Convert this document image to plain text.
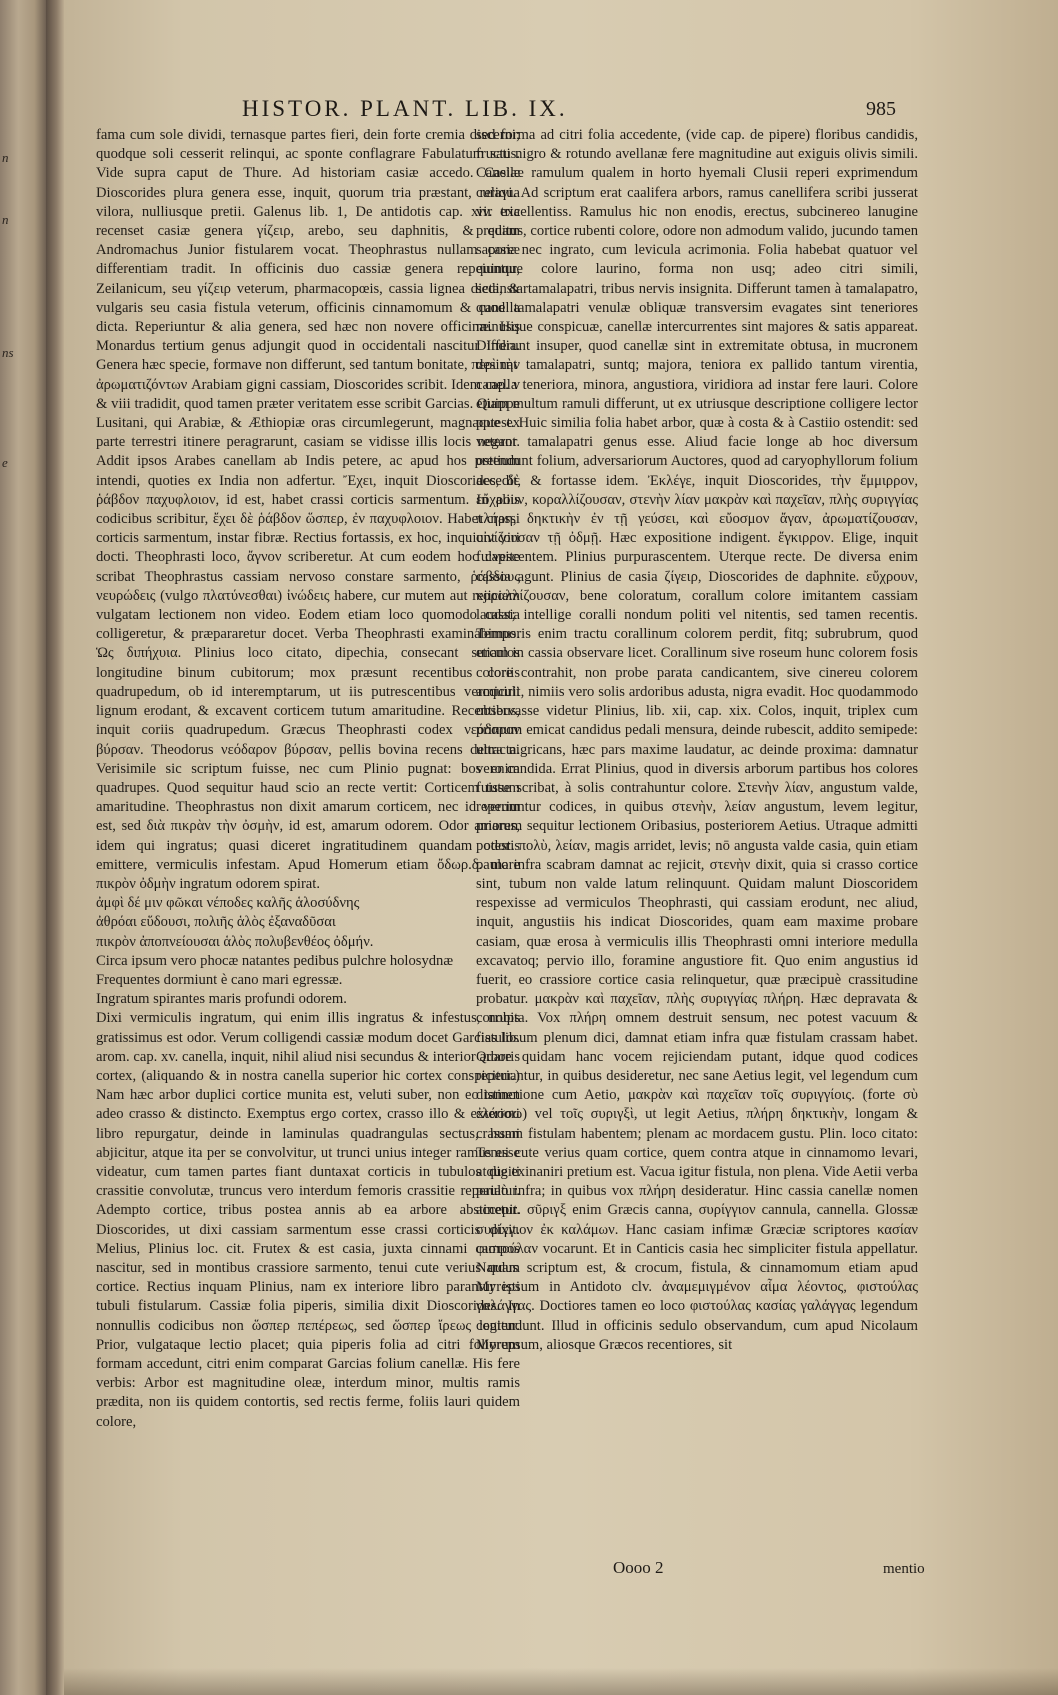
n
n
ns
e
HISTOR. PLANT. LIB. IX.	985

fama cum sole dividi, ternasque partes fieri, dein forte cremia discerni; quodque soli cesserit relinqui, ac sponte conflagrare Fabulatum satis. Vide supra caput de Thure. Ad historiam casiæ accedo. Casiæ Dioscorides plura genera esse, inquit, quorum tria præstant, reliqua vilora, nulliusque pretii. Galenus lib. 1, De antidotis cap. xiv. tria recenset casiæ genera γίζειρ, arebo, seu daphnitis, & quam Andromachus Junior fistularem vocat. Theophrastus nullam casiæ differentiam tradit. In officinis duo cassiæ genera repeiuntur, Zeilanicum, seu γίζειρ veterum, pharmacopœis, cassia lignea dicta, & vulgaris seu casia fistula veterum, officinis cinnamomum & canella dicta. Reperiuntur & alia genera, sed hæc non novere officinæ. His Monardus tertium genus adjungit quod in occidentali nascitur India. Genera hæc specie, formave non differunt, sed tantum bonitate, περὶ τὴν ἀρωματιζόντων Arabiam gigni cassiam, Dioscorides scribit. Idem cap. v & viii tradidit, quod tamen præter veritatem esse scribit Garcias. Quippe Lusitani, qui Arabiæ, & Æthiopiæ oras circumlegerunt, magnaque ex parte terrestri itinere peragrarunt, casiam se vidisse illis locis negant. Addit ipsos Arabes canellam ab Indis petere, ac apud hos pretium intendi, quoties ex India non adfertur. Ἔχει, inquit Dioscorides, δὲ ῥάβδον παχυφλοιον, id est, habet crassi corticis sarmentum. In aliis codicibus scribitur, ἔχει δὲ ῥάβδον ὥσπερ, ἐν παχυφλοιον. Habet crassi corticis sarmentum, instar fibræ. Rectius fortassis, ex hoc, inquiunt viri docti. Theophrasti loco, ἄγνον scriberetur. At cum eodem hoc capite scribat Theophrastus cassiam nervoso constare sarmento, ῥάβδους νευρώδεις (vulgo πλατύνεσθαι) ἰνώδεις habere, cur mutem aut rejiciam vulgatam lectionem non video. Eodem etiam loco quomodo cassia colligeretur, & præpararetur docet. Verba Theophrasti examinabimus. Ὡς διπήχυια. Plinius loco citato, dipechia, consecant surculos longitudine binum cubitorum; mox præsunt recentibus coriis quadrupedum, ob id interemptarum, ut iis putrescentibus vermiculi lignum erodant, & excavent corticem tutum amaritudine. Recentibus, inquit coriis quadrupedum. Græcus Theophrasti codex νεόδαρον βύρσαν. Theodorus νεόδαρον βύρσαν, pellis bovina recens detracta. Verisimile sic scriptum fuisse, nec cum Plinio pugnat: bos enim quadrupes. Quod sequitur haud scio an recte vertit: Corticem tutum amaritudine. Theophrastus non dixit amarum corticem, nec id verum est, sed διὰ πικρὰν τὴν ὀσμὴν, id est, amarum odorem. Odor amarus, idem qui ingratus; quasi diceret ingratitudinem quandam odoris emittere, vermiculis infestam. Apud Homerum etiam ὄδωρ.δ. mare πικρὸν ὀδμὴν ingratum odorem spirat.
ἀμφὶ δέ μιν φῶκαι νέποδες καλῆς ἁλοσύδνης
ἀθρόαι εὕδουσι, πολιῆς ἁλὸς ἐξαναδῦσαι
πικρὸν ἀποπνείουσαι ἁλὸς πολυβενθέος ὀδμήν.
Circa ipsum vero phocæ natantes pedibus pulchre holosydnæ
Frequentes dormiunt è cano mari egressæ.
Ingratum spirantes maris profundi odorem.
Dixi vermiculis ingratum, qui enim illis ingratus & infestus, nobis gratissimus est odor. Verum colligendi cassiæ modum docet Garcias lib. arom. cap. xv. canella, inquit, nihil aliud nisi secundus & interior arboris cortex, (aliquando & in nostra canella superior hic cortex conspicitur.) Nam hæc arbor duplici cortice munita est, veluti suber, non eo tamen adeo crasso & distincto. Exemptus ergo cortex, crasso illo & exteriori libro repurgatur, deinde in laminulas quadrangulas sectus, humi abjicitur, atque ita per se convolvitur, ut trunci unius integer ramus esse videatur, cum tamen partes fiant duntaxat corticis in tubulos digiti crassitie convolutæ, truncus vero interdum femoris crassitie reperiatur. Adempto cortice, tribus postea annis ab ea arbore abstinetur. Dioscorides, ut dixi cassiam sarmentum esse crassi corticis dixit. Melius, Plinius loc. cit. Frutex & est casia, juxta cinnami campos nascitur, sed in montibus crassiore sarmento, tenui cute verius quam cortice. Rectius inquam Plinius, nam ex interiore libro parantur isti tubuli fistularum. Cassiæ folia piperis, similia dixit Dioscorides. In nonnullis codicibus non ὥσπερ πεπέρεως, sed ὥσπερ ἴρεως legitur. Prior, vulgataque lectio placet; quia piperis folia ad citri foliorum formam accedunt, citri enim comparat Garcias folium canellæ. His fere verbis: Arbor est magnitudine oleæ, interdum minor, multis ramis prædita, non iis quidem contortis, sed rectis ferme, foliis lauri quidem colore,

sed forma ad citri folia accedente, (vide cap. de pipere) floribus candidis, fructu nigro & rotundo avellanæ fere magnitudine aut exiguis olivis simili. Canellæ ramulum qualem in horto hyemali Clusii reperi exprimendum curavi. Ad scriptum erat caalifera arbors, ramus canellifera scribi jusserat vir excellentiss. Ramulus hic non enodis, erectus, subcinereo lanugine preditus, cortice rubenti colore, odore non admodum valido, jucundo tamen sapore nec ingrato, cum levicula acrimonia. Folia habebat quatuor vel quinque colore laurino, forma non usq; adeo citri simili, sedinstartamalapatri, tribus nervis insignita. Differunt tamen à tamalapatro, quod tamalapatri venulæ obliquæ transversim evagates sint teneriores minusque conspicuæ, canellæ intercurrentes sint majores & satis appareat. Differunt insuper, quod canellæ sint in extremitate obtusa, in mucronem desinat tamalapatri, suntq; majora, teniora ex pallido tantum virentia, canella teneriora, minora, angustiora, viridiora ad instar fere lauri. Colore etiam multum ramuli differunt, ut ex utriusque descriptione colligere lector potest. Huic similia folia habet arbor, quæ à costa & à Castiio ostendit: sed veteror tamalapatri genus esse. Aliud facie longe ab hoc diversum ostendunt folium, adversariorum Auctores, quod ad caryophyllorum folium accedit, & fortasse idem. Ἐκλέγε, inquit Dioscorides, τὴν ἔμμιρρον, εὔχρουν, κοραλλίζουσαν, στενὴν λίαν μακρὰν καὶ παχεῖαν, πλὴς συριγγίας πλήρη, δηκτικὴν ἐν τῇ γεύσει, καὶ εὔοσμον ἄγαν, ἀρωματίζουσαν, οἰνίζουσαν τῇ ὀδμῇ. Hæc expositione indigent. ἔγκιρρον. Elige, inquit fulvescentem. Plinius purpurascentem. Uterque recte. De diversa enim cassia agunt. Plinius de casia ζίγειρ, Dioscorides de daphnite. εὔχρουν, κοραλλίζουσαν, bene coloratum, corallum colore imitantem cassiam laudat; intellige coralli nondum politi vel nitentis, sed tamen recentis. Temporis enim tractu corallinum colorem perdit, fitq; subrubrum, quod etiam in cassia observare licet. Corallinum sive roseum hunc colorem fosis colore contrahit, non probe parata candicantem, sive cinereu colorem acquirit, nimiis vero solis ardoribus adusta, nigra evadit. Hoc quodammodo observasse videtur Plinius, lib. xii, cap. xix. Colos, inquit, triplex cum primum emicat candidus pedali mensura, deinde rubescit, addito semipede: ultra nigricans, hæc pars maxime laudatur, ac deinde proxima: damnatur vero candida. Errat Plinius, quod in diversis arborum partibus hos colores fuisse scribat, à solis contrahuntur colore. Στενὴν λίαν, angustum valde, reperiuntur codices, in quibus στενὴν, λείαν angustum, levem legitur, priorem sequitur lectionem Oribasius, posteriorem Aetius. Utraque admitti potest. πολὺ, λείαν, magis arridet, levis; nō angusta valde casia, quin etiam paulo infra scabram damnat ac rejicit, στενὴν dixit, quia si crasso cortice sint, tubum non valde latum relinquunt. Quidam malunt Dioscoridem respexisse ad vermiculos Theophrasti, qui cassiam erodunt, nec aliud, inquit, angustiis his indicat Dioscorides, quam eam maxime probare casiam, quæ erosa à vermiculis illis Theophrasti omni interiore medulla excavatoq; pervio illo, foramine angustiore fit. Quo enim angustius id fuerit, eo crassiore cortice casia relinquetur, quæ præcipuè crassitudine probatur. μακρὰν καὶ παχεῖαν, πλὴς συριγγίας πλήρη. Hæc depravata & corrupta. Vox πλήρη omnem destruit sensum, nec potest vacuum & fistulosum plenum dici, damnat etiam infra quæ fistulam crassam habet. Quare quidam hanc vocem rejiciendam putant, idque quod codices reperiantur, in quibus desideretur, nec sane Aetius legit, vel legendum cum distinctione cum Aetio, μακρὰν καὶ παχεῖαν τοῖς συριγγίοις. (forte σὺ ἐλάσσω) vel τοῖς συριγξὶ, ut legit Aetius, πλήρη δηκτικὴν, longam & crassam fistulam habentem; plenam ac mordacem gustu. Plin. loco citato: Tenui cute verius quam cortice, quem contra atque in cinnamomo levari, atque exinaniri pretium est. Vacua igitur fistula, non plena. Vide Aetii verba paulò infra; in quibus vox πλήρη desideratur. Hinc cassia canellæ nomen accepit. σῦριγξ enim Græcis canna, συρίγγιον cannula, cannella. Glossæ συρίγγιον ἐκ καλάμων. Hanc casiam infimæ Græciæ scriptores κασίαν φιστούλαν vocarunt. Et in Canticis casia hec simpliciter fistula appellatur. Nardus scriptum est, & crocum, fistula, & cinnamomum etiam apud Myrepsum in Antidoto clv. ἀναμεμιγμένον αἷμα λέοντος, φιστούλας γαλάγγας. Doctiores tamen eo loco φιστούλας κασίας γαλάγγας legendum contendunt. Illud in officinis sedulo observandum, cum apud Nicolaum Myrepsum, aliosque Græcos recentiores, sit

Oooo 2	mentio
